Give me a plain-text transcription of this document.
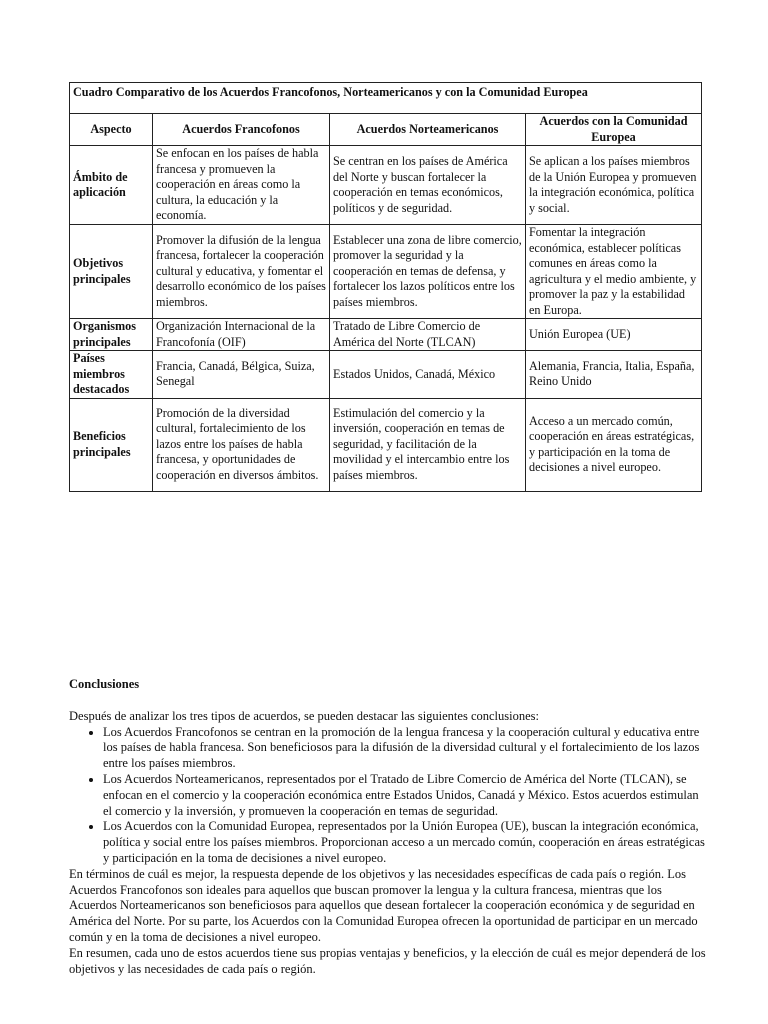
Cuadro Comparativo de los Acuerdos Francofonos, Norteamericanos y con la Comunidad Europea			
Aspecto	Acuerdos Francofonos	Acuerdos Norteamericanos	Acuerdos con la Comunidad Europea
Ámbito de aplicación	Se enfocan en los países de habla francesa y promueven la cooperación en áreas como la cultura, la educación y la economía.	Se centran en los países de América del Norte y buscan fortalecer la cooperación en temas económicos, políticos y de seguridad.	Se aplican a los países miembros de la Unión Europea y promueven la integración económica, política y social.
Objetivos principales	Promover la difusión de la lengua francesa, fortalecer la cooperación cultural y educativa, y fomentar el desarrollo económico de los países miembros.	Establecer una zona de libre comercio, promover la seguridad y la cooperación en temas de defensa, y fortalecer los lazos políticos entre los países miembros.	Fomentar la integración económica, establecer políticas comunes en áreas como la agricultura y el medio ambiente, y promover la paz y la estabilidad en Europa.
Organismos principales	Organización Internacional de la Francofonía (OIF)	Tratado de Libre Comercio de América del Norte (TLCAN)	Unión Europea (UE)
Países miembros destacados	Francia, Canadá, Bélgica, Suiza, Senegal	Estados Unidos, Canadá, México	Alemania, Francia, Italia, España, Reino Unido
Beneficios principales	Promoción de la diversidad cultural, fortalecimiento de los lazos entre los países de habla francesa, y oportunidades de cooperación en diversos ámbitos.	Estimulación del comercio y la inversión, cooperación en temas de seguridad, y facilitación de la movilidad y el intercambio entre los países miembros.	Acceso a un mercado común, cooperación en áreas estratégicas, y participación en la toma de decisiones a nivel europeo.
Conclusiones

Después de analizar los tres tipos de acuerdos, se pueden destacar las siguientes conclusiones:

• Los Acuerdos Francofonos se centran en la promoción de la lengua francesa y la cooperación cultural y educativa entre los países de habla francesa. Son beneficiosos para la difusión de la diversidad cultural y el fortalecimiento de los lazos entre los países miembros.
• Los Acuerdos Norteamericanos, representados por el Tratado de Libre Comercio de América del Norte (TLCAN), se enfocan en el comercio y la cooperación económica entre Estados Unidos, Canadá y México. Estos acuerdos estimulan el comercio y la inversión, y promueven la cooperación en temas de seguridad.
• Los Acuerdos con la Comunidad Europea, representados por la Unión Europea (UE), buscan la integración económica, política y social entre los países miembros. Proporcionan acceso a un mercado común, cooperación en áreas estratégicas y participación en la toma de decisiones a nivel europeo.

En términos de cuál es mejor, la respuesta depende de los objetivos y las necesidades específicas de cada país o región. Los Acuerdos Francofonos son ideales para aquellos que buscan promover la lengua y la cultura francesa, mientras que los Acuerdos Norteamericanos son beneficiosos para aquellos que desean fortalecer la cooperación económica y de seguridad en América del Norte. Por su parte, los Acuerdos con la Comunidad Europea ofrecen la oportunidad de participar en un mercado común y en la toma de decisiones a nivel europeo.

En resumen, cada uno de estos acuerdos tiene sus propias ventajas y beneficios, y la elección de cuál es mejor dependerá de los objetivos y las necesidades de cada país o región.
